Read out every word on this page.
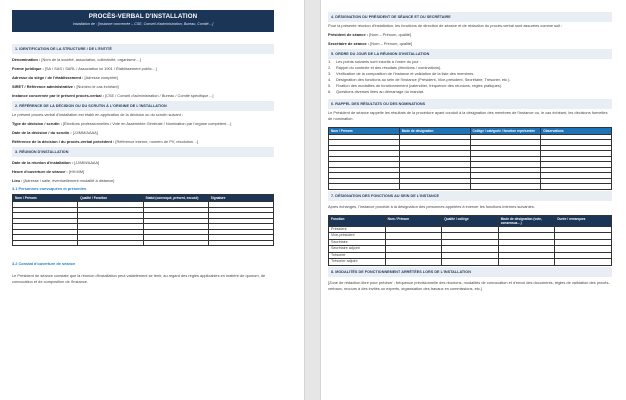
PROCÈS-VERBAL D'INSTALLATION
Installation de : [Instance concernée – CSE, Conseil d'administration, Bureau, Comité…]
1. IDENTIFICATION DE LA STRUCTURE / DE L'ENTITÉ

Dénomination : [Nom de la société, association, collectivité, organisme…]

Forme juridique : [SA / SAS / SARL / Association loi 1901 / Établissement public…]

Adresse du siège / de l'établissement : [Adresse complète]

SIRET / Référence administrative : [Numéro le cas échéant]

Instance concernée par le présent procès-verbal : [CSE / Conseil d'administration / Bureau / Comité spécifique…]

2. RÉFÉRENCE DE LA DÉCISION OU DU SCRUTIN À L'ORIGINE DE L'INSTALLATION

Le présent procès-verbal d'installation est établi en application de la décision ou du scrutin suivant :

Type de décision / scrutin : [Élections professionnelles / Vote en Assemblée Générale / Nomination par l'organe compétent…]

Date de la décision / du scrutin : [JJ/MM/AAAA]

Référence de la décision / du procès-verbal précédent : [Référence interne, numéro de PV, résolution…]

3. RÉUNION D'INSTALLATION

Date de la réunion d'installation : [JJ/MM/AAAA]

Heure d'ouverture de séance : [HH:MM]

Lieu : [Adresse / salle, éventuellement modalité à distance]

3.1 Personnes convoquées et présentes
Nom / Prénom	Qualité / Fonction	Statut (convoqué, présent, excusé)	Signature

3.2 Constat d'ouverture de séance

Le Président de séance constate que la réunion d'installation peut valablement se tenir, au regard des règles applicables en matière de quorum, de convocation et de composition de l'instance.

4. DÉSIGNATION DU PRÉSIDENT DE SÉANCE ET DU SECRÉTAIRE

Pour la présente réunion d'installation, les fonctions de direction de séance et de rédaction du procès-verbal sont assurées comme suit :

Président de séance : [Nom – Prénom, qualité]

Secrétaire de séance : [Nom – Prénom, qualité]

5. ORDRE DU JOUR DE LA RÉUNION D'INSTALLATION
1.	Les points suivants sont inscrits à l'ordre du jour :
2.	Rappel du contexte et des résultats (élections / nominations).
3.	Vérification de la composition de l'instance et validation de la liste des membres.
4.	Désignation des fonctions au sein de l'instance (Président, Vice-président, Secrétaire, Trésorier, etc.).
5.	Fixation des modalités de fonctionnement (calendrier, fréquence des réunions, règles pratiques).
6.	Questions diverses liées au démarrage du mandat.
6. RAPPEL DES RÉSULTATS OU DES NOMINATIONS

Le Président de séance rappelle les résultats de la procédure ayant conduit à la désignation des membres de l'instance ou, le cas échéant, les décisions formelles de nomination.

Nom / Prénom	Mode de désignation	Collège / catégorie / fonction représentée	Observations

7. DÉSIGNATION DES FONCTIONS AU SEIN DE L'INSTANCE

Après échanges, l'instance procède à la désignation des personnes appelées à exercer les fonctions internes suivantes.

Fonction	Nom / Prénom	Qualité / collège	Mode de désignation (vote, consensus…)	Durée / remarques
Président				
Vice-président				
Secrétaire				
Secrétaire adjoint				
Trésorier				
Trésorier adjoint				
8. MODALITÉS DE FONCTIONNEMENT ARRÊTÉES LORS DE L'INSTALLATION

[Zone de rédaction libre pour préciser : fréquence prévisionnelle des réunions, modalités de convocation et d'envoi des documents, règles de validation des procès-verbaux, recours à des invités ou experts, organisation des travaux en commissions, etc.]
